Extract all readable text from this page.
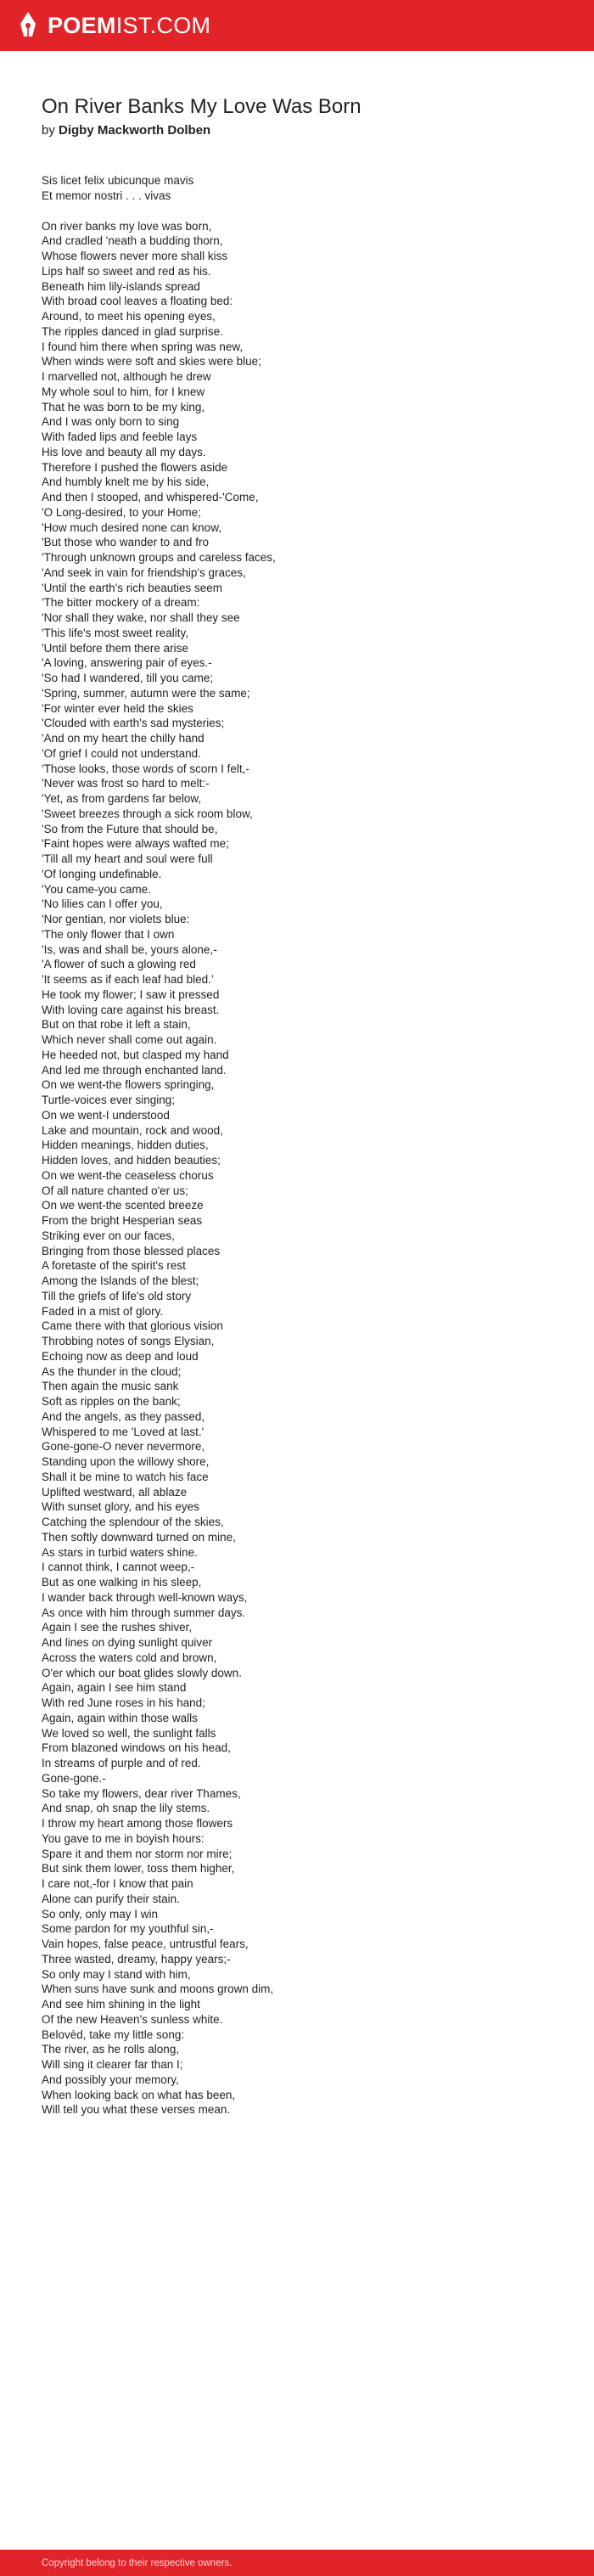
POEMIST.COM
On River Banks My Love Was Born
by Digby Mackworth Dolben
Sis licet felix ubicunque mavis
Et memor nostri . . . vivas
On river banks my love was born,
And cradled 'neath a budding thorn,
Whose flowers never more shall kiss
Lips half so sweet and red as his.
Beneath him lily-islands spread
With broad cool leaves a floating bed:
Around, to meet his opening eyes,
The ripples danced in glad surprise.
I found him there when spring was new,
When winds were soft and skies were blue;
I marvelled not, although he drew
My whole soul to him, for I knew
That he was born to be my king,
And I was only born to sing
With faded lips and feeble lays
His love and beauty all my days.
Therefore I pushed the flowers aside
And humbly knelt me by his side,
And then I stooped, and whispered-'Come,
'O Long-desired, to your Home;
'How much desired none can know,
'But those who wander to and fro
'Through unknown groups and careless faces,
'And seek in vain for friendship's graces,
'Until the earth's rich beauties seem
'The bitter mockery of a dream:
'Nor shall they wake, nor shall they see
'This life's most sweet reality,
'Until before them there arise
'A loving, answering pair of eyes.-
'So had I wandered, till you came;
'Spring, summer, autumn were the same;
'For winter ever held the skies
'Clouded with earth's sad mysteries;
'And on my heart the chilly hand
'Of grief I could not understand.
'Those looks, those words of scorn I felt,-
'Never was frost so hard to melt:-
'Yet, as from gardens far below,
'Sweet breezes through a sick room blow,
'So from the Future that should be,
'Faint hopes were always wafted me;
'Till all my heart and soul were full
'Of longing undefinable.
'You came-you came.
'No lilies can I offer you,
'Nor gentian, nor violets blue:
'The only flower that I own
'Is, was and shall be, yours alone,-
'A flower of such a glowing red
'It seems as if each leaf had bled.'
He took my flower; I saw it pressed
With loving care against his breast.
But on that robe it left a stain,
Which never shall come out again.
He heeded not, but clasped my hand
And led me through enchanted land.
On we went-the flowers springing,
Turtle-voices ever singing;
On we went-I understood
Lake and mountain, rock and wood,
Hidden meanings, hidden duties,
Hidden loves, and hidden beauties;
On we went-the ceaseless chorus
Of all nature chanted o'er us;
On we went-the scented breeze
From the bright Hesperian seas
Striking ever on our faces,
Bringing from those blessed places
A foretaste of the spirit's rest
Among the Islands of the blest;
Till the griefs of life's old story
Faded in a mist of glory.
Came there with that glorious vision
Throbbing notes of songs Elysian,
Echoing now as deep and loud
As the thunder in the cloud;
Then again the music sank
Soft as ripples on the bank;
And the angels, as they passed,
Whispered to me 'Loved at last.'
Gone-gone-O never nevermore,
Standing upon the willowy shore,
Shall it be mine to watch his face
Uplifted westward, all ablaze
With sunset glory, and his eyes
Catching the splendour of the skies,
Then softly downward turned on mine,
As stars in turbid waters shine.
I cannot think, I cannot weep,-
But as one walking in his sleep,
I wander back through well-known ways,
As once with him through summer days.
Again I see the rushes shiver,
And lines on dying sunlight quiver
Across the waters cold and brown,
O'er which our boat glides slowly down.
Again, again I see him stand
With red June roses in his hand;
Again, again within those walls
We loved so well, the sunlight falls
From blazoned windows on his head,
In streams of purple and of red.
Gone-gone.-
So take my flowers, dear river Thames,
And snap, oh snap the lily stems.
I throw my heart among those flowers
You gave to me in boyish hours:
Spare it and them nor storm nor mire;
But sink them lower, toss them higher,
I care not,-for I know that pain
Alone can purify their stain.
So only, only may I win
Some pardon for my youthful sin,-
Vain hopes, false peace, untrustful fears,
Three wasted, dreamy, happy years;-
So only may I stand with him,
When suns have sunk and moons grown dim,
And see him shining in the light
Of the new Heaven's sunless white.
Belovèd, take my little song:
The river, as he rolls along,
Will sing it clearer far than I;
And possibly your memory,
When looking back on what has been,
Will tell you what these verses mean.
Copyright belong to their respective owners.
